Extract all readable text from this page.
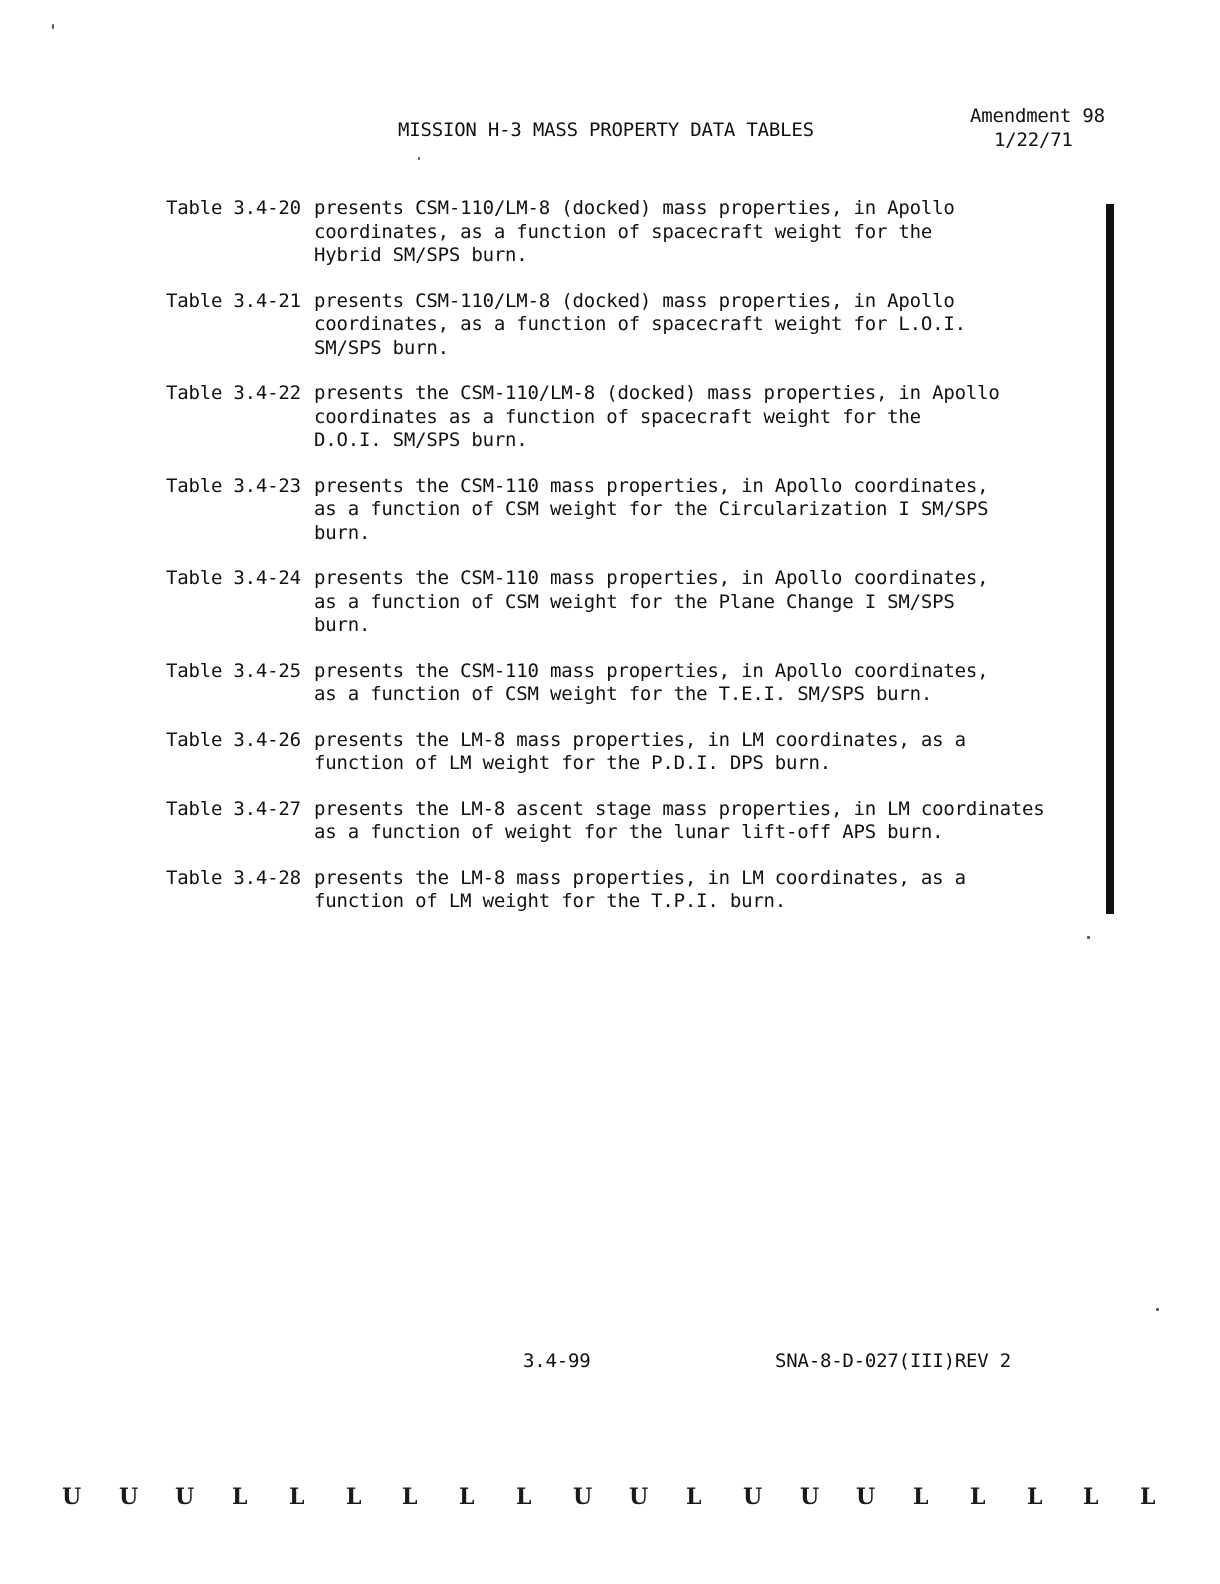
MISSION H-3 MASS PROPERTY DATA TABLES
Amendment 98
1/22/71
Table 3.4-20 presents CSM-110/LM-8 (docked) mass properties, in Apollo
coordinates, as a function of spacecraft weight for the
Hybrid SM/SPS burn.
Table 3.4-21 presents CSM-110/LM-8 (docked) mass properties, in Apollo
coordinates, as a function of spacecraft weight for L.O.I.
SM/SPS burn.
Table 3.4-22 presents the CSM-110/LM-8 (docked) mass properties, in Apollo
coordinates as a function of spacecraft weight for the
D.O.I. SM/SPS burn.
Table 3.4-23 presents the CSM-110 mass properties, in Apollo coordinates,
as a function of CSM weight for the Circularization I SM/SPS
burn.
Table 3.4-24 presents the CSM-110 mass properties, in Apollo coordinates,
as a function of CSM weight for the Plane Change I SM/SPS
burn.
Table 3.4-25 presents the CSM-110 mass properties, in Apollo coordinates,
as a function of CSM weight for the T.E.I. SM/SPS burn.
Table 3.4-26 presents the LM-8 mass properties, in LM coordinates, as a
function of LM weight for the P.D.I. DPS burn.
Table 3.4-27 presents the LM-8 ascent stage mass properties, in LM coordinates
as a function of weight for the lunar lift-off APS burn.
Table 3.4-28 presents the LM-8 mass properties, in LM coordinates, as a
function of LM weight for the T.P.I. burn.
3.4-99	SNA-8-D-027(III)REV 2
U U U L L L L L L U U L U U U L L L L L
